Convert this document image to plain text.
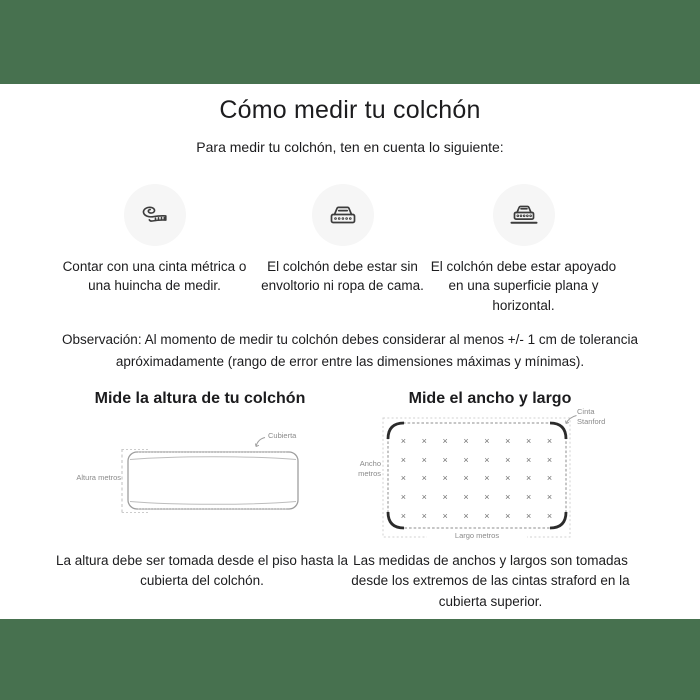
Cómo medir tu colchón

Para medir tu colchón, ten en cuenta lo siguiente:

Contar con una cinta métrica o una huincha de medir.

El colchón debe estar sin envoltorio ni ropa de cama.

El colchón debe estar apoyado en una superficie plana y horizontal.

Observación: Al momento de medir tu colchón debes considerar al menos +/- 1 cm de tolerancia apróximadamente (rango de error entre las dimensiones máximas y mínimas).

Mide la altura de tu colchón	Mide el ancho y largo
Cubierta
Altura metros
× × × × × × × ×
× × × × × × × ×
× × × × × × × ×
× × × × × × × ×
× × × × × × × ×
Cinta Stanford
Ancho metros
Largo metros

La altura debe ser tomada desde el piso hasta la cubierta del colchón.

Las medidas de anchos y largos son tomadas desde los extremos de las cintas straford en la cubierta superior.
